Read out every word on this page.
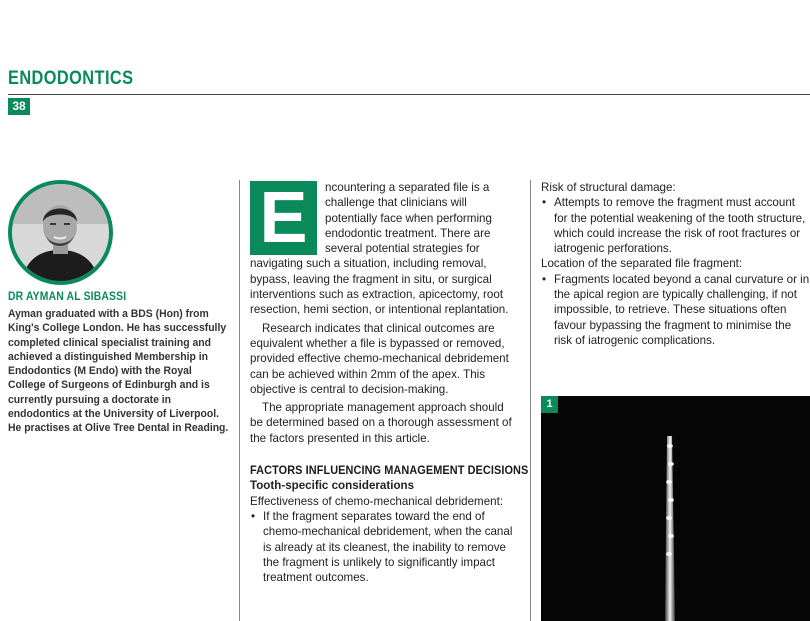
ENDODONTICS
38
DR AYMAN AL SIBASSI
Ayman graduated with a BDS (Hon) from King's College London. He has successfully completed clinical specialist training and achieved a distinguished Membership in Endodontics (M Endo) with the Royal College of Surgeons of Edinburgh and is currently pursuing a doctorate in endodontics at the University of Liverpool. He practises at Olive Tree Dental in Reading.
E	ncountering a separated file is a challenge that clinicians will potentially face when performing endodontic treatment. There are several potential strategies for navigating such a situation, including removal, bypass, leaving the fragment in situ, or surgical interventions such as extraction, apicectomy, root resection, hemi section, or intentional replantation.

Research indicates that clinical outcomes are equivalent whether a file is bypassed or removed, provided effective chemo-mechanical debridement can be achieved within 2mm of the apex. This objective is central to decision-making.

The appropriate management approach should be determined based on a thorough assessment of the factors presented in this article.

FACTORS INFLUENCING MANAGEMENT DECISIONS
Tooth-specific considerations
Effectiveness of chemo-mechanical debridement:
• If the fragment separates toward the end of chemo-mechanical debridement, when the canal is already at its cleanest, the inability to remove the fragment is unlikely to significantly impact treatment outcomes.
Risk of structural damage:
• Attempts to remove the fragment must account for the potential weakening of the tooth structure, which could increase the risk of root fractures or iatrogenic perforations.
Location of the separated file fragment:
• Fragments located beyond a canal curvature or in the apical region are typically challenging, if not impossible, to retrieve. These situations often favour bypassing the fragment to minimise the risk of iatrogenic complications.
1
